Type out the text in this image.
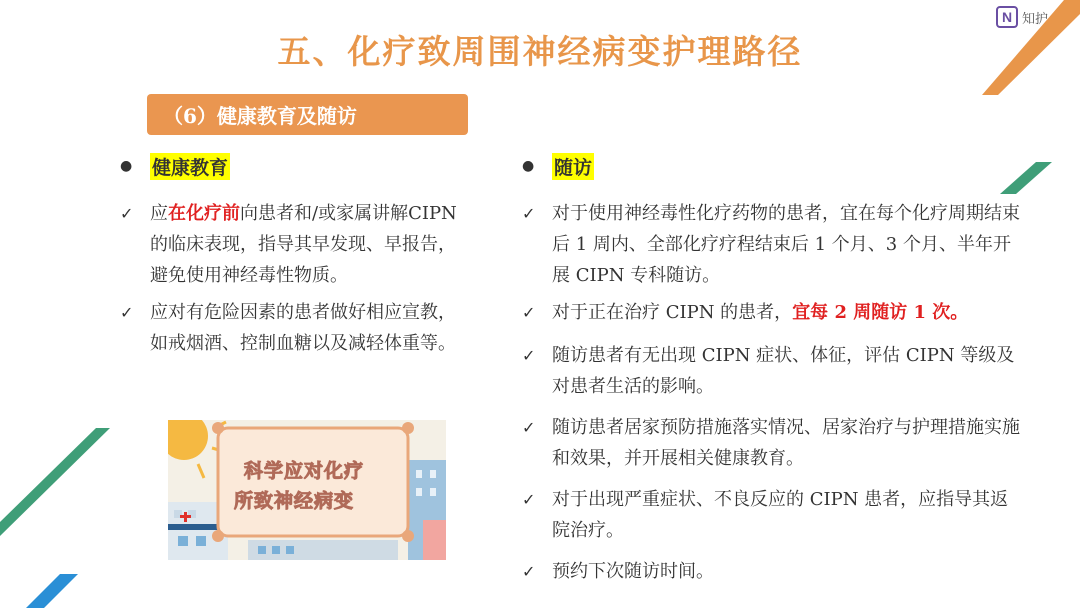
N 知护
五、化疗致周围神经病变护理路径
（6）健康教育及随访
●	健康教育
✓ 应在化疗前向患者和/或家属讲解CIPN的临床表现，指导其早发现、早报告，避免使用神经毒性物质。
✓ 应对有危险因素的患者做好相应宣教，如戒烟酒、控制血糖以及减轻体重等。
科学应对化疗
所致神经病变
●	随访
✓ 对于使用神经毒性化疗药物的患者，宜在每个化疗周期结束后 1 周内、全部化疗疗程结束后 1 个月、3 个月、半年开展 CIPN 专科随访。
✓ 对于正在治疗 CIPN 的患者，宜每 2 周随访 1 次。
✓ 随访患者有无出现 CIPN 症状、体征，评估 CIPN 等级及对患者生活的影响。
✓ 随访患者居家预防措施落实情况、居家治疗与护理措施实施和效果，并开展相关健康教育。
✓ 对于出现严重症状、不良反应的 CIPN 患者，应指导其返院治疗。
✓ 预约下次随访时间。
